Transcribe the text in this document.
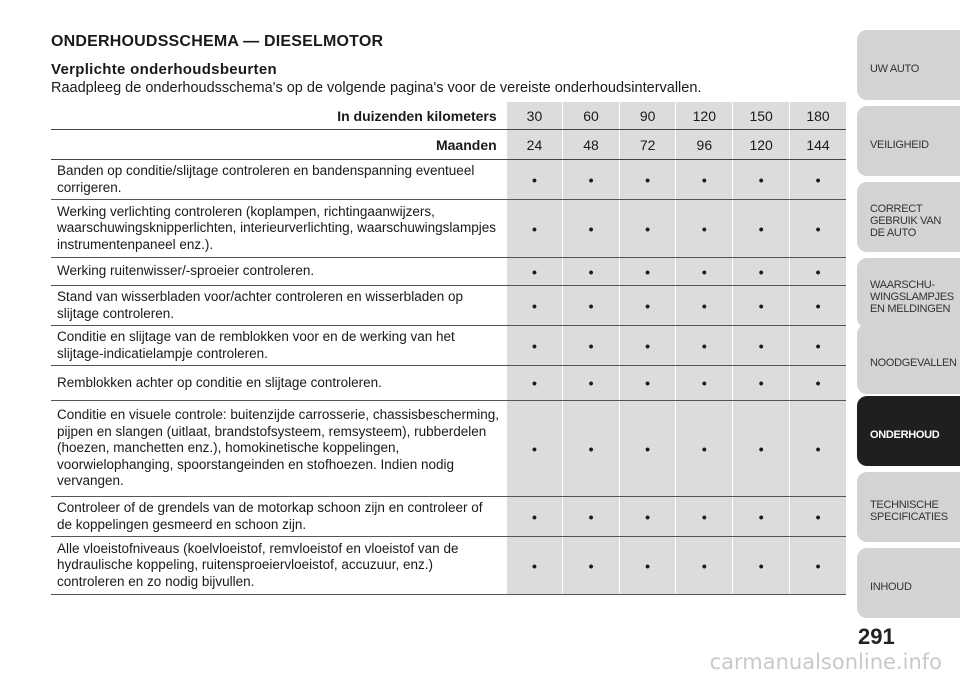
ONDERHOUDSSCHEMA — DIESELMOTOR
Verplichte onderhoudsbeurten
Raadpleeg de onderhoudsschema's op de volgende pagina's voor de vereiste onderhoudsintervallen.
In duizenden kilometers	30	60	90	120	150	180
Maanden	24	48	72	96	120	144
Banden op conditie/slijtage controleren en bandenspanning eventueel corrigeren.	•	•	•	•	•	•
Werking verlichting controleren (koplampen, richtingaanwijzers, waarschuwingsknipperlichten, interieurverlichting, waarschuwingslampjes instrumentenpaneel enz.).	•	•	•	•	•	•
Werking ruitenwisser/-sproeier controleren.	•	•	•	•	•	•
Stand van wisserbladen voor/achter controleren en wisserbladen op slijtage controleren.	•	•	•	•	•	•
Conditie en slijtage van de remblokken voor en de werking van het slijtage-indicatielampje controleren.	•	•	•	•	•	•
Remblokken achter op conditie en slijtage controleren.	•	•	•	•	•	•
Conditie en visuele controle: buitenzijde carrosserie, chassisbescherming, pijpen en slangen (uitlaat, brandstofsysteem, remsysteem), rubberdelen (hoezen, manchetten enz.), homokinetische koppelingen, voorwielophanging, spoorstangeinden en stofhoezen. Indien nodig vervangen.	•	•	•	•	•	•
Controleer of de grendels van de motorkap schoon zijn en controleer of de koppelingen gesmeerd en schoon zijn.	•	•	•	•	•	•
Alle vloeistofniveaus (koelvloeistof, remvloeistof en vloeistof van de hydraulische koppeling, ruitensproeiervloeistof, accuzuur, enz.) controleren en zo nodig bijvullen.	•	•	•	•	•	•
UW AUTO
VEILIGHEID
CORRECT
GEBRUIK VAN
DE AUTO
WAARSCHU-
WINGSLAMPJES
EN MELDINGEN
NOODGEVALLEN
ONDERHOUD
TECHNISCHE
SPECIFICATIES
INHOUD
291
carmanualsonline.info
